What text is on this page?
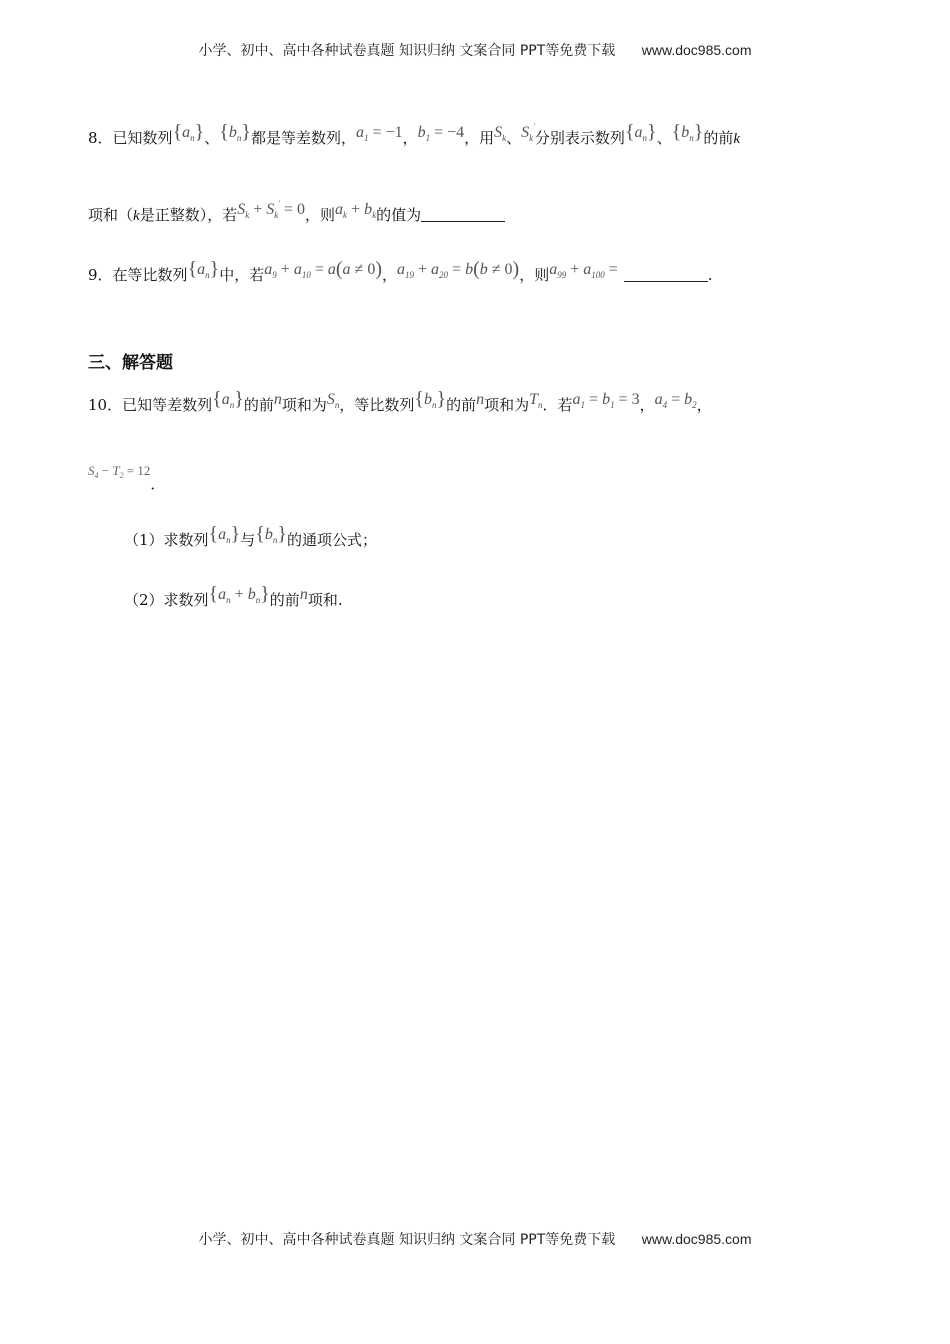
小学、初中、高中各种试卷真题 知识归纳 文案合同 PPT等免费下载 www.doc985.com
8．已知数列$\{a_n\}$、$\{b_n\}$都是等差数列，$a_1 = -1$，$b_1 = -4$，用$S_k$、$S_k'$分别表示数列$\{a_n\}$、$\{b_n\}$的前k
项和（k是正整数），若$S_k + S_k' = 0$，则$a_k + b_k$的值为
9．在等比数列$\{a_n\}$中，若$a_9 + a_{10} = a(a \ne 0)$，$a_{19} + a_{20} = b(b \ne 0)$，则$a_{99} + a_{100}$ =	.
三、解答题
10．已知等差数列$\{a_n\}$的前n项和为$S_n$，等比数列$\{b_n\}$的前n项和为$T_n$．若$a_1 = b_1 = 3$，$a_4 = b_2$，
$S_4 - T_2 = 12$．
（1）求数列$\{a_n\}$与$\{b_n\}$的通项公式；
（2）求数列$\{a_n + b_n\}$的前n项和.
小学、初中、高中各种试卷真题 知识归纳 文案合同 PPT等免费下载 www.doc985.com
